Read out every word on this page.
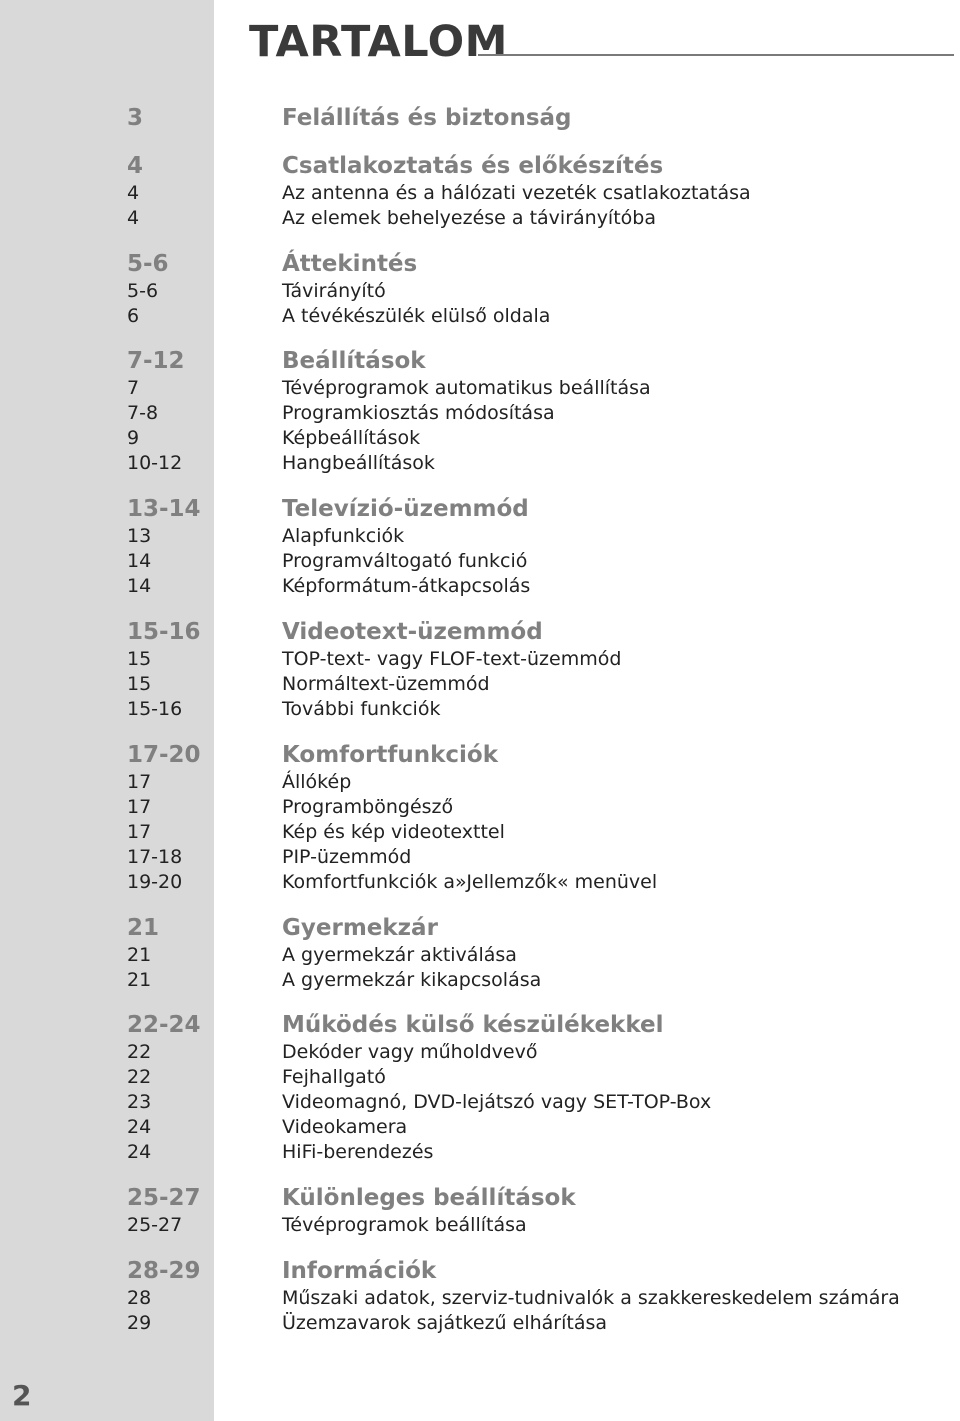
TARTALOM
3	Felállítás és biztonság
4	Csatlakoztatás és előkészítés
4	Az antenna és a hálózati vezeték csatlakoztatása
4	Az elemek behelyezése a távirányítóba
5-6	Áttekintés
5-6	Távirányító
6	A tévékészülék elülső oldala
7-12	Beállítások
7	Tévéprogramok automatikus beállítása
7-8	Programkiosztás módosítása
9	Képbeállítások
10-12	Hangbeállítások
13-14	Televízió-üzemmód
13	Alapfunkciók
14	Programváltogató funkció
14	Képformátum-átkapcsolás
15-16	Videotext-üzemmód
15	TOP-text- vagy FLOF-text-üzemmód
15	Normáltext-üzemmód
15-16	További funkciók
17-20	Komfortfunkciók
17	Állókép
17	Programböngésző
17	Kép és kép videotexttel
17-18	PIP-üzemmód
19-20	Komfortfunkciók a»Jellemzők« menüvel
21	Gyermekzár
21	A gyermekzár aktiválása
21	A gyermekzár kikapcsolása
22-24	Működés külső készülékekkel
22	Dekóder vagy műholdvevő
22	Fejhallgató
23	Videomagnó, DVD-lejátszó vagy SET-TOP-Box
24	Videokamera
24	HiFi-berendezés
25-27	Különleges beállítások
25-27	Tévéprogramok beállítása
28-29	Információk
28	Műszaki adatok, szerviz-tudnivalók a szakkereskedelem számára
29	Üzemzavarok sajátkezű elhárítása
2
